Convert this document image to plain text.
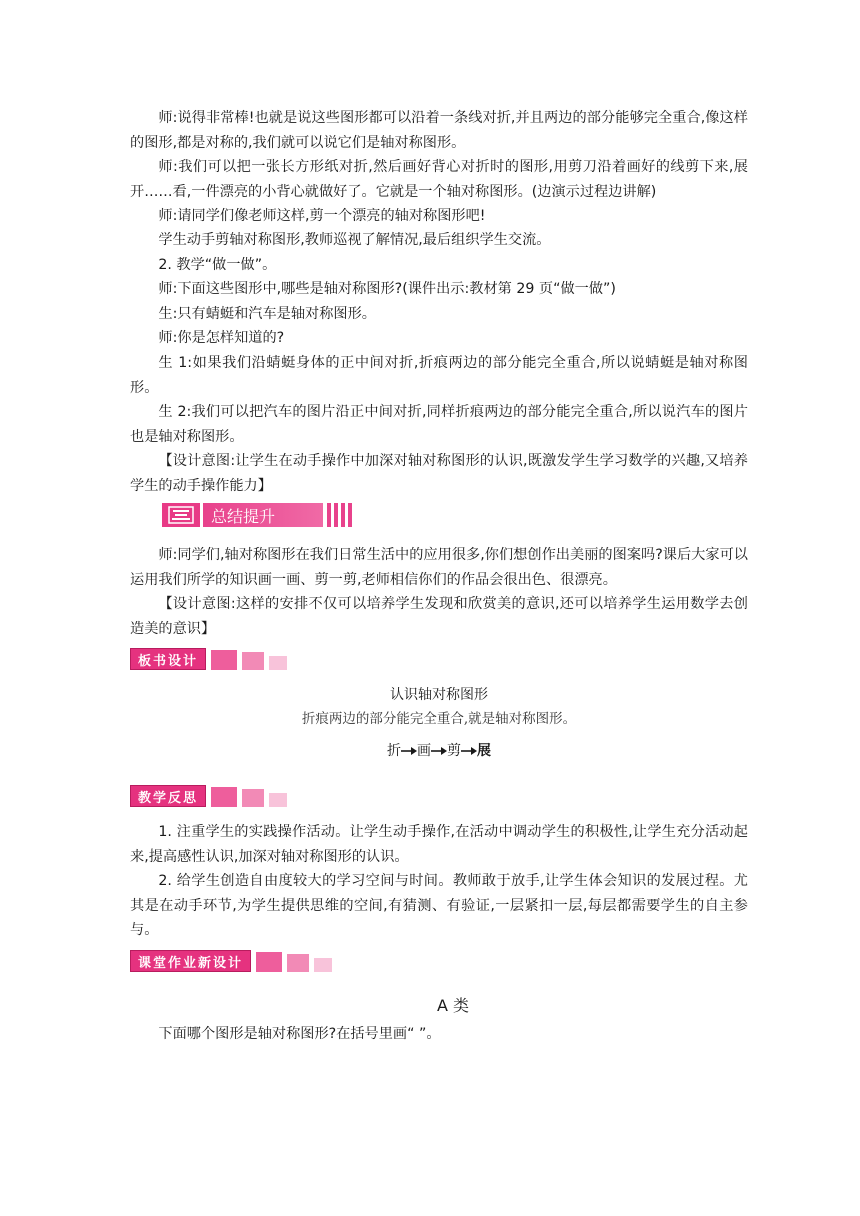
师:说得非常棒!也就是说这些图形都可以沿着一条线对折,并且两边的部分能够完全重合,像这样的图形,都是对称的,我们就可以说它们是轴对称图形。

师:我们可以把一张长方形纸对折,然后画好背心对折时的图形,用剪刀沿着画好的线剪下来,展开……看,一件漂亮的小背心就做好了。它就是一个轴对称图形。(边演示过程边讲解)

师:请同学们像老师这样,剪一个漂亮的轴对称图形吧!

学生动手剪轴对称图形,教师巡视了解情况,最后组织学生交流。

2. 教学“做一做”。

师:下面这些图形中,哪些是轴对称图形?(课件出示:教材第 29 页“做一做”)

生:只有蜻蜓和汽车是轴对称图形。

师:你是怎样知道的?

生 1:如果我们沿蜻蜓身体的正中间对折,折痕两边的部分能完全重合,所以说蜻蜓是轴对称图形。

生 2:我们可以把汽车的图片沿正中间对折,同样折痕两边的部分能完全重合,所以说汽车的图片也是轴对称图形。

【设计意图:让学生在动手操作中加深对轴对称图形的认识,既激发学生学习数学的兴趣,又培养学生的动手操作能力】

总结提升

师:同学们,轴对称图形在我们日常生活中的应用很多,你们想创作出美丽的图案吗?课后大家可以运用我们所学的知识画一画、剪一剪,老师相信你们的作品会很出色、很漂亮。

【设计意图:这样的安排不仅可以培养学生发现和欣赏美的意识,还可以培养学生运用数学去创造美的意识】

板书设计

认识轴对称图形

折痕两边的部分能完全重合,就是轴对称图形。

折 画 剪 展
教学反思

1. 注重学生的实践操作活动。让学生动手操作,在活动中调动学生的积极性,让学生充分活动起来,提高感性认识,加深对轴对称图形的认识。

2. 给学生创造自由度较大的学习空间与时间。教师敢于放手,让学生体会知识的发展过程。尤其是在动手环节,为学生提供思维的空间,有猜测、有验证,一层紧扣一层,每层都需要学生的自主参与。

课堂作业新设计

A 类

下面哪个图形是轴对称图形?在括号里画“ ”。
